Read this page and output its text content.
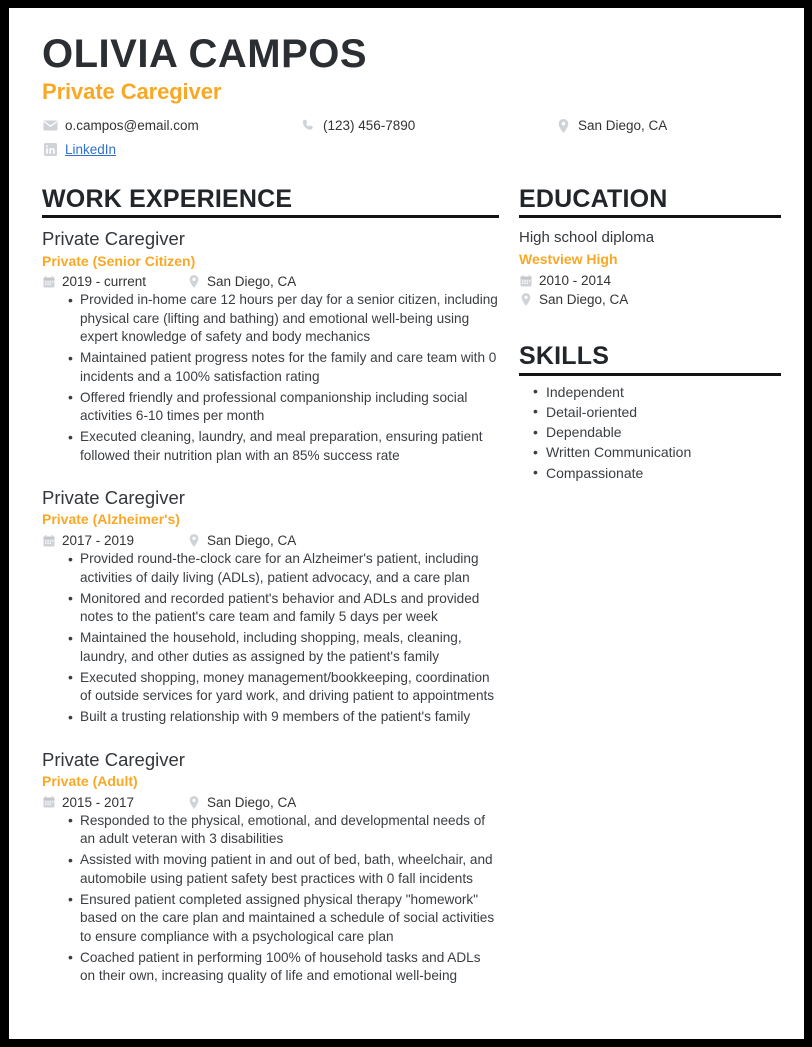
OLIVIA CAMPOS
Private Caregiver
o.campos@email.com	(123) 456-7890	San Diego, CA
LinkedIn
WORK EXPERIENCE
Private Caregiver
Private (Senior Citizen)
2019 - current	San Diego, CA
• Provided in-home care 12 hours per day for a senior citizen, including physical care (lifting and bathing) and emotional well-being using expert knowledge of safety and body mechanics
• Maintained patient progress notes for the family and care team with 0 incidents and a 100% satisfaction rating
• Offered friendly and professional companionship including social activities 6-10 times per month
• Executed cleaning, laundry, and meal preparation, ensuring patient followed their nutrition plan with an 85% success rate
Private Caregiver
Private (Alzheimer's)
2017 - 2019	San Diego, CA
• Provided round-the-clock care for an Alzheimer's patient, including activities of daily living (ADLs), patient advocacy, and a care plan
• Monitored and recorded patient's behavior and ADLs and provided notes to the patient's care team and family 5 days per week
• Maintained the household, including shopping, meals, cleaning, laundry, and other duties as assigned by the patient's family
• Executed shopping, money management/bookkeeping, coordination of outside services for yard work, and driving patient to appointments
• Built a trusting relationship with 9 members of the patient's family
Private Caregiver
Private (Adult)
2015 - 2017	San Diego, CA
• Responded to the physical, emotional, and developmental needs of an adult veteran with 3 disabilities
• Assisted with moving patient in and out of bed, bath, wheelchair, and automobile using patient safety best practices with 0 fall incidents
• Ensured patient completed assigned physical therapy "homework" based on the care plan and maintained a schedule of social activities to ensure compliance with a psychological care plan
• Coached patient in performing 100% of household tasks and ADLs on their own, increasing quality of life and emotional well-being
EDUCATION
High school diploma
Westview High
2010 - 2014
San Diego, CA
SKILLS
• Independent
• Detail-oriented
• Dependable
• Written Communication
• Compassionate
